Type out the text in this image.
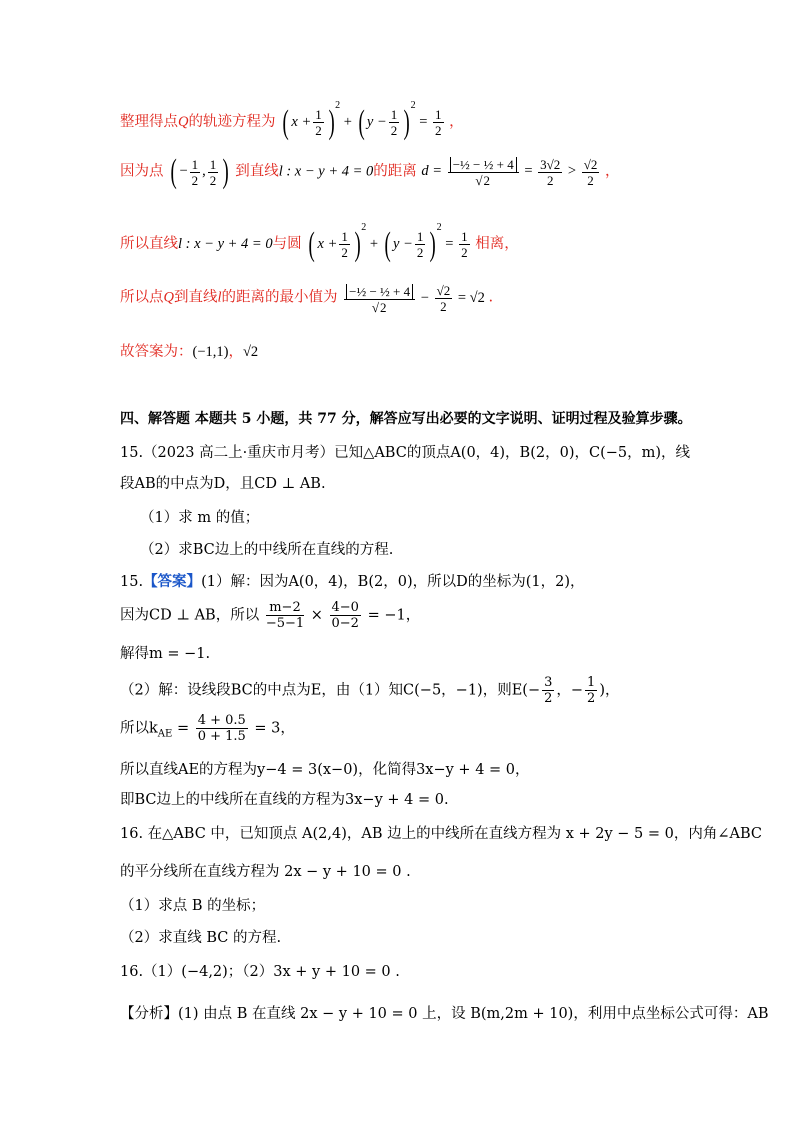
整理得点Q的轨迹方程为 ( $x + \frac{1}{2} )^2$ + ( $y - \frac{1}{2} )^2 = \frac{1}{2}$ ，
因为点 ( − $\frac{1}{2}$ , $\frac{1}{2}$ ) 到直线l : x − y + 4 = 0的距离 $d = \frac{\text{−½ − ½ + 4}}{√2} = \frac{3√2}{2} > \frac{√2}{2}$ ，
所以直线l : x − y + 4 = 0与圆 ( $x + \frac{1}{2} )^2$ + ( $y - \frac{1}{2} )^2 = \frac{1}{2}$ 相离，
所以点Q到直线l的距离的最小值为 $\frac{\text{−½ − ½ + 4}}{√2} - \frac{√2}{2} = √2$ .
故答案为：(−1,1)，√2
四、解答题 本题共 5 小题，共 77 分，解答应写出必要的文字说明、证明过程及验算步骤。
15.（2023 高二上·重庆市月考）已知△ABC的顶点A(0，4)，B(2，0)，C(−5，m)，线
段AB的中点为D，且CD ⊥ AB.
（1）求 m 的值；
（2）求BC边上的中线所在直线的方程.
15.【答案】(1）解：因为A(0，4)，B(2，0)，所以D的坐标为(1，2)，
因为CD ⊥ AB，所以 $\frac{m-2}{-5-1} \times \frac{4-0}{0-2} = -1$，
解得m = −1.
（2）解：设线段BC的中点为E，由（1）知C(−5，−1)，则$E(- \frac{3}{2}$ ，− $\frac{1}{2}$ )，
所以$k_{AE} = \frac{4 + 0.5}{0 + 1.5} = 3$，
所以直线AE的方程为y−4 = 3(x−0)，化简得3x−y + 4 = 0，
即BC边上的中线所在直线的方程为3x−y + 4 = 0.
16. 在△ABC 中，已知顶点 A(2,4)，AB 边上的中线所在直线方程为 x + 2y − 5 = 0，内角∠ABC
的平分线所在直线方程为 2x − y + 10 = 0 .
（1）求点 B 的坐标；
（2）求直线 BC 的方程.
16.（1）(−4,2)；（2）3x + y + 10 = 0 .
【分析】(1) 由点 B 在直线 2x − y + 10 = 0 上，设 B(m,2m + 10)，利用中点坐标公式可得：AB
